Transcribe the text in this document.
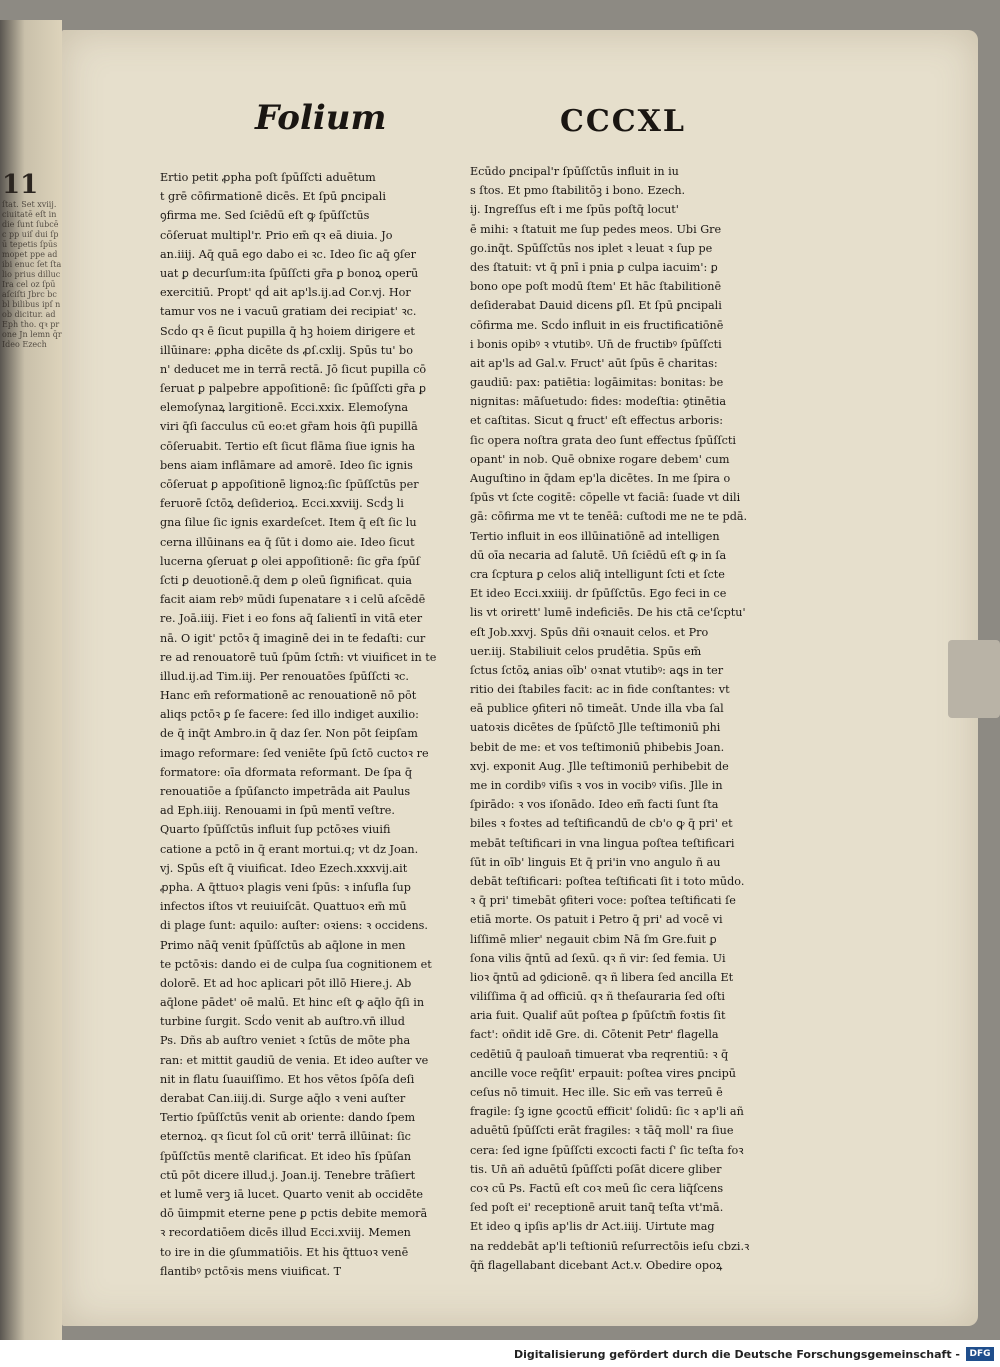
11
ſtat. Set xviij. ciuitatē eſt in die ſunt ſubcēc pp uiſ dui ſpū tepetis ſpūs mopet ppe ad ibi enuc ſet ſta lio prius dilluc Ira cel oz ſpū aſciſti Jbrc bc bl bilibus ipſ nob dicitur. ad Eph tho. qꝛ prone Jn lemn q̄r Ideo Ezech
Folium	CCCXL
Ertio petit ꝓpha poſt ſpūſſcti aduētum
t grē cōfirmationē dicēs. Et ſpū ꝑncipali
ꝯfirma me. Sed ſciēdū eſt ꝙ ſpūſſctūs
cōſeruat multipl'r. Prio em̄ qꝛ eā diuia. Jo
an.iiij. Aq̄ quā ego dabo ei ꝛc. Ideo ſic aq̄ ꝯſer
uat ꝑ decurſum:ita ſpūſſcti gr̄a ꝑ bonoꝝ operū
exercitiū. Propt' qḋ ait ap'ls.ij.ad Cor.vj. Hor
tamur vos ne i vacuū gratiam dei recipiat' ꝛc.
Scḋo qꝛ ē ſicut pupilla q̄ hꝫ hoiem dirigere et
illūinare: ꝓpha dicēte ds ꝓſ.cxlij. Spūs tu' bo
n' deducet me in terrā rectā. Jō ſicut pupilla cō
ſeruat ꝑ palpebre appoſitionē: ſic ſpūſſcti gr̄a ꝑ
elemoſynaꝝ largitionē. Ecci.xxix. Elemoſyna
viri q̄ſi ſacculus cū eo:et gr̄am hois q̄ſi pupillā
cōſeruabit. Tertio eſt ſicut flāma ſiue ignis ha
bens aiam inflāmare ad amorē. Ideo ſic ignis
cōſeruat ꝑ appoſitionē lignoꝝ:ſic ſpūſſctūs per
feruorē ſctōꝝ deſiderioꝝ. Ecci.xxviij. Scḋꝫ li
gna ſilue ſic ignis exardeſcet. Item q̄ eſt ſic lu
cerna illūinans ea q̄ ſūt i domo aie. Ideo ſicut
lucerna ꝯſeruat ꝑ olei appoſitionē: ſic gr̄a ſpūſ
ſcti ꝑ deuotionē.q̄ dem ꝑ oleū ſignificat. quia
facit aiam rebꝰ mūdi ſupenatare ꝛ i celū aſcēdē
re. Joā.iiij. Fiet i eo fons aq̄ ſalientī in vitā eter
nā. O igit' pctōꝛ q̄ imaginē dei in te fedaſti: cur
re ad renouatorē tuū ſpūm ſctm̄: vt viuificet in te
illud.ij.ad Tim.iij. Per renouatōes ſpūſſcti ꝛc.
Hanc em̄ reformationē ac renouationē nō pōt
aliqs pctōꝛ ꝑ ſe facere: ſed illo indiget auxilio:
de q̄ inq̄t Ambro.in q̄ daz ſer. Non pōt ſeipſam
imago reformare: ſed veniēte ſpū ſctō cuctoꝛ re
formatore: oīa dformata reformant. De ſpa q̄
renouatiōe a ſpūſancto impetrāda ait Paulus
ad Eph.iiij. Renouami in ſpū mentī veſtre.
Quarto ſpūſſctūs influit ſup pctōꝛes viuifi
catione a pctō in q̄ erant mortui.q; vt dz Joan.
vj. Spūs eſt q̄ viuificat. Ideo Ezech.xxxvij.ait
ꝓpha. A q̄ttuoꝛ plagis veni ſpūs: ꝛ inſufla ſup
infectos iſtos vt reuiuiſcāt. Quattuoꝛ em̄ mū
di plage ſunt: aquilo: auſter: oꝛiens: ꝛ occidens.
Primo nāq̄ venit ſpūſſctūs ab aq̄lone in men
te pctōꝛis: dando ei de culpa ſua cognitionem et
dolorē. Et ad hoc aplicari pōt illō Hiere.j. Ab
aq̄lone pādet' oē malū. Et hinc eſt ꝙ aq̄lo q̄ſi in
turbine ſurgit. Scḋo venit ab auſtro.vn̄ illud
Ps. Dñs ab auſtro veniet ꝛ ſctūs de mōte pha
ran: et mittit gaudiū de venia. Et ideo auſter ve
nit in flatu ſuauiſſimo. Et hos vētos ſpōſa deſi
derabat Can.iiij.di. Surge aq̄lo ꝛ veni auſter
Tertio ſpūſſctūs venit ab oriente: dando ſpem
eternoꝝ. qꝛ ſicut ſol cū orit' terrā illūinat: ſic
ſpūſſctūs mentē clarificat. Et ideo hīs ſpūſan
ctū pōt dicere illud.j. Joan.ij. Tenebre trāſiert
et lumē verꝫ iā lucet. Quarto venit ab occidēte
dō ūimpmit eterne pene ꝑ pctis debite memorā
ꝛ recordatiōem dicēs illud Ecci.xviij. Memen
to ire in die ꝯſummatiōis. Et his q̄ttuoꝛ venē
flantibꝰ pctōꝛis mens viuificat. T
Ecūdo ꝑncipal'r ſpūſſctūs influit in iu
s ſtos. Et pmo ſtabilitōꝫ i bono. Ezech.
ij. Ingreſſus eſt i me ſpūs poſtq̄ locut'
ē mihi: ꝛ ſtatuit me ſup pedes meos. Ubi Gre
go.inq̄t. Spūſſctūs nos iplet ꝛ leuat ꝛ ſup pe
des ſtatuit: vt q̄ pnī i pnia ꝑ culpa iacuim': ꝑ
bono ope poſt modū ſtem' Et hāc ſtabilitionē
deſiderabat Dauid dicens ꝑſl. Et ſpū ꝑncipali
cōfirma me. Scḋo influit in eis fructificatiōnē
i bonis opibꝰ ꝛ vtutibꝰ. Un̄ de fructibꝰ ſpūſſcti
ait ap'ls ad Gal.v. Fruct' aūt ſpūs ē charitas:
gaudiū: pax: patiētia: logāimitas: bonitas: be
nignitas: māſuetudo: fides: modeſtia: ꝯtinētia
et caſtitas. Sicut ꝗ fruct' eſt effectus arboris:
ſic opera noſtra grata deo ſunt effectus ſpūſſcti
opant' in nob. Quē obnixe rogare debem' cum
Auguſtino in q̄dam ep'la dicētes. In me ſpira o
ſpūs vt ſcte cogitē: cōpelle vt faciā: ſuade vt dili
gā: cōfirma me vt te tenēā: cuſtodi me ne te pdā.
Tertio influit in eos illūinatiōnē ad intelligen
dū oīa necaria ad ſalutē. Un̄ ſciēdū eſt ꝙ in ſa
cra ſcptura ꝑ celos aliq̄ intelligunt ſcti et ſcte
Et ideo Ecci.xxiiij. dr ſpūſſctūs. Ego feci in ce
lis vt orirett' lumē indeficiēs. De his ctā ce'ſcptu'
eſt Job.xxvj. Spūs dñi oꝛnauit celos. et Pro
uer.iij. Stabiliuit celos prudētia. Spūs em̄
ſctus ſctōꝝ anias oīb' oꝛnat vtutibꝰ: aꝗs in ter
ritio dei ſtabiles facit: ac in fide conſtantes: vt
eā publice ꝯfiteri nō timeāt. Unde illa vba ſal
uatoꝛis dicētes de ſpūſctō Jlle teſtimoniū phi
bebit de me: et vos teſtimoniū phibebis Joan.
xvj. exponit Aug. Jlle teſtimoniū perhibebit de
me in cordibꝰ viſis ꝛ vos in vocibꝰ viſis. Jlle in
ſpirādo: ꝛ vos iſonādo. Ideo em̄ facti ſunt ſta
biles ꝛ foꝛtes ad teſtificandū de cb'o ꝙ q̄ pri' et
mebāt teſtificari in vna lingua poſtea teſtificari
ſūt in oīb' linguis Et q̄ pri'in vno angulo ñ au
debāt teſtificari: poſtea teſtificati ſit i toto mūdo.
ꝛ q̄ pri' timebāt ꝯfiteri voce: poſtea teſtificati ſe
etiā morte. Os patuit i Petro q̄ pri' ad vocē vi
liſſimē mlier' negauit cbim Nā ſm Gre.fuit ꝑ
ſona vilis q̄ntū ad ſexū. qꝛ ñ vir: ſed femia. Ui
lioꝛ q̄ntū ad ꝯdicionē. qꝛ ñ libera ſed ancilla Et
viliſſima q̄ ad officiū. qꝛ ñ theſauraria ſed oſti
aria fuit. Qualif aūt poſtea ꝑ ſpūſctm̄ foꝛtis ſit
fact': oñdit idē Gre. di. Cōtenit Petr' flagella
cedētiū q̄ pauloan̄ timuerat vba reqrentiū: ꝛ q̄
ancille voce req̄ſit' erpauit: poſtea vires ꝑncipū
ceſus nō timuit. Hec ille. Sic em̄ vas terreū ē
fragile: ſꝫ igne ꝯcoctū efficit' ſolidū: ſic ꝛ ap'li añ
aduētū ſpūſſcti erāt fragiles: ꝛ tāq̄ moll' ra ſiue
cera: ſed igne ſpūſſcti excocti facti ſ' ſic teſta foꝛ
tis. Un̄ añ aduētū ſpūſſcti poſāt dicere gliber
coꝛ cū Ps. Factū eſt coꝛ meū ſic cera liq̄ſcens
ſed poſt ei' receptionē aruit tanq̄ teſta vt'mā.
Et ideo ꝗ ipſis ap'lis dr Act.iiij. Uirtute mag
na reddebāt ap'li teſtioniū reſurrectōis ieſu cbzi.ꝛ
q̄ñ flagellabant dicebant Act.v. Obedire opoꝝ
Digitalisierung gefördert durch die Deutsche Forschungsgemeinschaft -	DFG
